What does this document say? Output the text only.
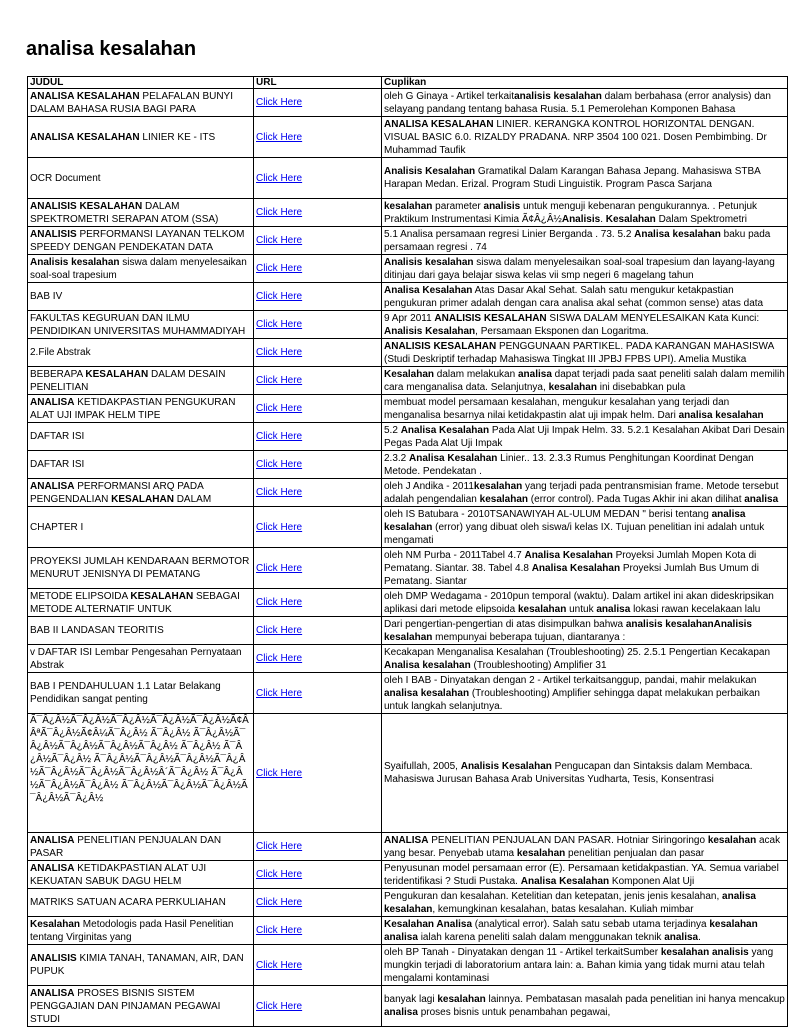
analisa kesalahan
JUDUL	URL	Cuplikan
ANALISA KESALAHAN PELAFALAN BUNYI DALAM BAHASA RUSIA BAGI PARA	Click Here	oleh G Ginaya - Artikel terkaitanalisis kesalahan dalam berbahasa (error analysis) dan selayang pandang tentang bahasa Rusia. 5.1 Pemerolehan Komponen Bahasa
ANALISA KESALAHAN LINIER KE - ITS	Click Here	ANALISA KESALAHAN LINIER. KERANGKA KONTROL HORIZONTAL DENGAN. VISUAL BASIC 6.0. RIZALDY PRADANA. NRP 3504 100 021. Dosen Pembimbing. Dr Muhammad Taufik
OCR Document	Click Here	Analisis Kesalahan Gramatikal Dalam Karangan Bahasa Jepang. Mahasiswa STBA Harapan Medan. Erizal. Program Studi Linguistik. Program Pasca Sarjana
ANALISIS KESALAHAN DALAM SPEKTROMETRI SERAPAN ATOM (SSA)	Click Here	kesalahan parameter analisis untuk menguji kebenaran pengukurannya. . Petunjuk Praktikum Instrumentasi Kimia Ã¢Â¿Â½Analisis. Kesalahan Dalam Spektrometri
ANALISIS PERFORMANSI LAYANAN TELKOM SPEEDY DENGAN PENDEKATAN DATA	Click Here	5.1 Analisa persamaan regresi Linier Berganda . 73. 5.2 Analisa kesalahan baku pada persamaan regresi . 74
Analisis kesalahan siswa dalam menyelesaikan soal-soal trapesium	Click Here	Analisis kesalahan siswa dalam menyelesaikan soal-soal trapesium dan layang-layang ditinjau dari gaya belajar siswa kelas vii smp negeri 6 magelang tahun
BAB IV	Click Here	Analisa Kesalahan Atas Dasar Akal Sehat. Salah satu mengukur ketakpastian pengukuran primer adalah dengan cara analisa akal sehat (common sense) atas data
FAKULTAS KEGURUAN DAN ILMU PENDIDIKAN UNIVERSITAS MUHAMMADIYAH	Click Here	9 Apr 2011 ANALISIS KESALAHAN SISWA DALAM MENYELESAIKAN Kata Kunci: Analisis Kesalahan, Persamaan Eksponen dan Logaritma.
2.File Abstrak	Click Here	ANALISIS KESALAHAN PENGGUNAAN PARTIKEL. PADA KARANGAN MAHASISWA (Studi Deskriptif terhadap Mahasiswa Tingkat III JPBJ FPBS UPI). Amelia Mustika
BEBERAPA KESALAHAN DALAM DESAIN PENELITIAN	Click Here	Kesalahan dalam melakukan analisa dapat terjadi pada saat peneliti salah dalam memilih cara menganalisa data. Selanjutnya, kesalahan ini disebabkan pula
ANALISA KETIDAKPASTIAN PENGUKURAN ALAT UJI IMPAK HELM TIPE	Click Here	membuat model persamaan kesalahan, mengukur kesalahan yang terjadi dan menganalisa besarnya nilai ketidakpastin alat uji impak helm. Dari analisa kesalahan
DAFTAR ISI	Click Here	5.2 Analisa Kesalahan Pada Alat Uji Impak Helm. 33. 5.2.1 Kesalahan Akibat Dari Desain Pegas Pada Alat Uji Impak
DAFTAR ISI	Click Here	2.3.2 Analisa Kesalahan Linier.. 13. 2.3.3 Rumus Penghitungan Koordinat Dengan Metode. Pendekatan .
ANALISA PERFORMANSI ARQ PADA PENGENDALIAN KESALAHAN DALAM	Click Here	oleh J Andika - 2011kesalahan yang terjadi pada pentransmisian frame. Metode tersebut adalah pengendalian kesalahan (error control). Pada Tugas Akhir ini akan dilihat analisa
CHAPTER I	Click Here	oleh IS Batubara - 2010TSANAWIYAH AL-ULUM MEDAN " berisi tentang analisa kesalahan (error) yang dibuat oleh siswa/i kelas IX. Tujuan penelitian ini adalah untuk mengamati
PROYEKSI JUMLAH KENDARAAN BERMOTOR MENURUT JENISNYA DI PEMATANG	Click Here	oleh NM Purba - 2011Tabel 4.7 Analisa Kesalahan Proyeksi Jumlah Mopen Kota di Pematang. Siantar. 38. Tabel 4.8 Analisa Kesalahan Proyeksi Jumlah Bus Umum di Pematang. Siantar
METODE ELIPSOIDA KESALAHAN SEBAGAI METODE ALTERNATIF UNTUK	Click Here	oleh DMP Wedagama - 2010pun temporal (waktu). Dalam artikel ini akan dideskripsikan aplikasi dari metode elipsoida kesalahan untuk analisa lokasi rawan kecelakaan lalu
BAB II LANDASAN TEORITIS	Click Here	Dari pengertian-pengertian di atas disimpulkan bahwa analisis kesalahanAnalisis kesalahan mempunyai beberapa tujuan, diantaranya :
v DAFTAR ISI Lembar Pengesahan Pernyataan Abstrak	Click Here	Kecakapan Menganalisa Kesalahan (Troubleshooting) 25. 2.5.1 Pengertian Kecakapan Analisa kesalahan (Troubleshooting) Amplifier 31
BAB I PENDAHULUAN 1.1 Latar Belakang Pendidikan sangat penting	Click Here	oleh I BAB - Dinyatakan dengan 2 - Artikel terkaitsanggup, pandai, mahir melakukan analisa kesalahan (Troubleshooting) Amplifier sehingga dapat melakukan perbaikan untuk langkah selanjutnya.
Ã¯Â¿Â½Ã¯Â¿Â½Ã¯Â¿Â½Ã¯Â¿Â½Ã¯Â¿Â½Ã¢ÂÂªÃ¯Â¿Â½Ã¢Â¼Ã¯Â¿Â½ Ã¯Â¿Â½ Ã¯Â¿Â½Ã¯Â¿Â½Ã¯Â¿Â½Ã¯Â¿Â½Ã¯Â¿Â½ Ã¯Â¿Â½ Ã¯Â¿Â½Ã¯Â¿Â½ Ã¯Â¿Â½Ã¯Â¿Â½Ã¯Â¿Â½Ã¯Â¿Â½Ã¯Â¿Â½Ã¯Â¿Â½Ã¯Â¿Â½Â´Ã¯Â¿Â½ Ã¯Â¿Â½Ã¯Â¿Â½Ã¯Â¿Â½ Ã¯Â¿Â½Ã¯Â¿Â½Ã¯Â¿Â½Ã¯Â¿Â½Ã¯Â¿Â½	Click Here	Syaifullah, 2005, Analisis Kesalahan Pengucapan dan Sintaksis dalam Membaca. Mahasiswa Jurusan Bahasa Arab Universitas Yudharta, Tesis, Konsentrasi
ANALISA PENELITIAN PENJUALAN DAN PASAR	Click Here	ANALISA PENELITIAN PENJUALAN DAN PASAR. Hotniar Siringoringo kesalahan acak yang besar. Penyebab utama kesalahan penelitian penjualan dan pasar
ANALISA KETIDAKPASTIAN ALAT UJI KEKUATAN SABUK DAGU HELM	Click Here	Penyusunan model persamaan error (E). Persamaan ketidakpastian. YA. Semua variabel teridentifikasi ? Studi Pustaka. Analisa Kesalahan Komponen Alat Uji
MATRIKS SATUAN ACARA PERKULIAHAN	Click Here	Pengukuran dan kesalahan. Ketelitian dan ketepatan, jenis jenis kesalahan, analisa kesalahan, kemungkinan kesalahan, batas kesalahan. Kuliah mimbar
Kesalahan Metodologis pada Hasil Penelitian tentang Virginitas yang	Click Here	Kesalahan Analisa (analytical error). Salah satu sebab utama terjadinya kesalahan analisa ialah karena peneliti salah dalam menggunakan teknik analisa.
ANALISIS KIMIA TANAH, TANAMAN, AIR, DAN PUPUK	Click Here	oleh BP Tanah - Dinyatakan dengan 11 - Artikel terkaitSumber kesalahan analisis yang mungkin terjadi di laboratorium antara lain: a. Bahan kimia yang tidak murni atau telah mengalami kontaminasi
ANALISA PROSES BISNIS SISTEM PENGGAJIAN DAN PINJAMAN PEGAWAI STUDI	Click Here	banyak lagi kesalahan lainnya. Pembatasan masalah pada penelitian ini hanya mencakup analisa proses bisnis untuk penambahan pegawai,
